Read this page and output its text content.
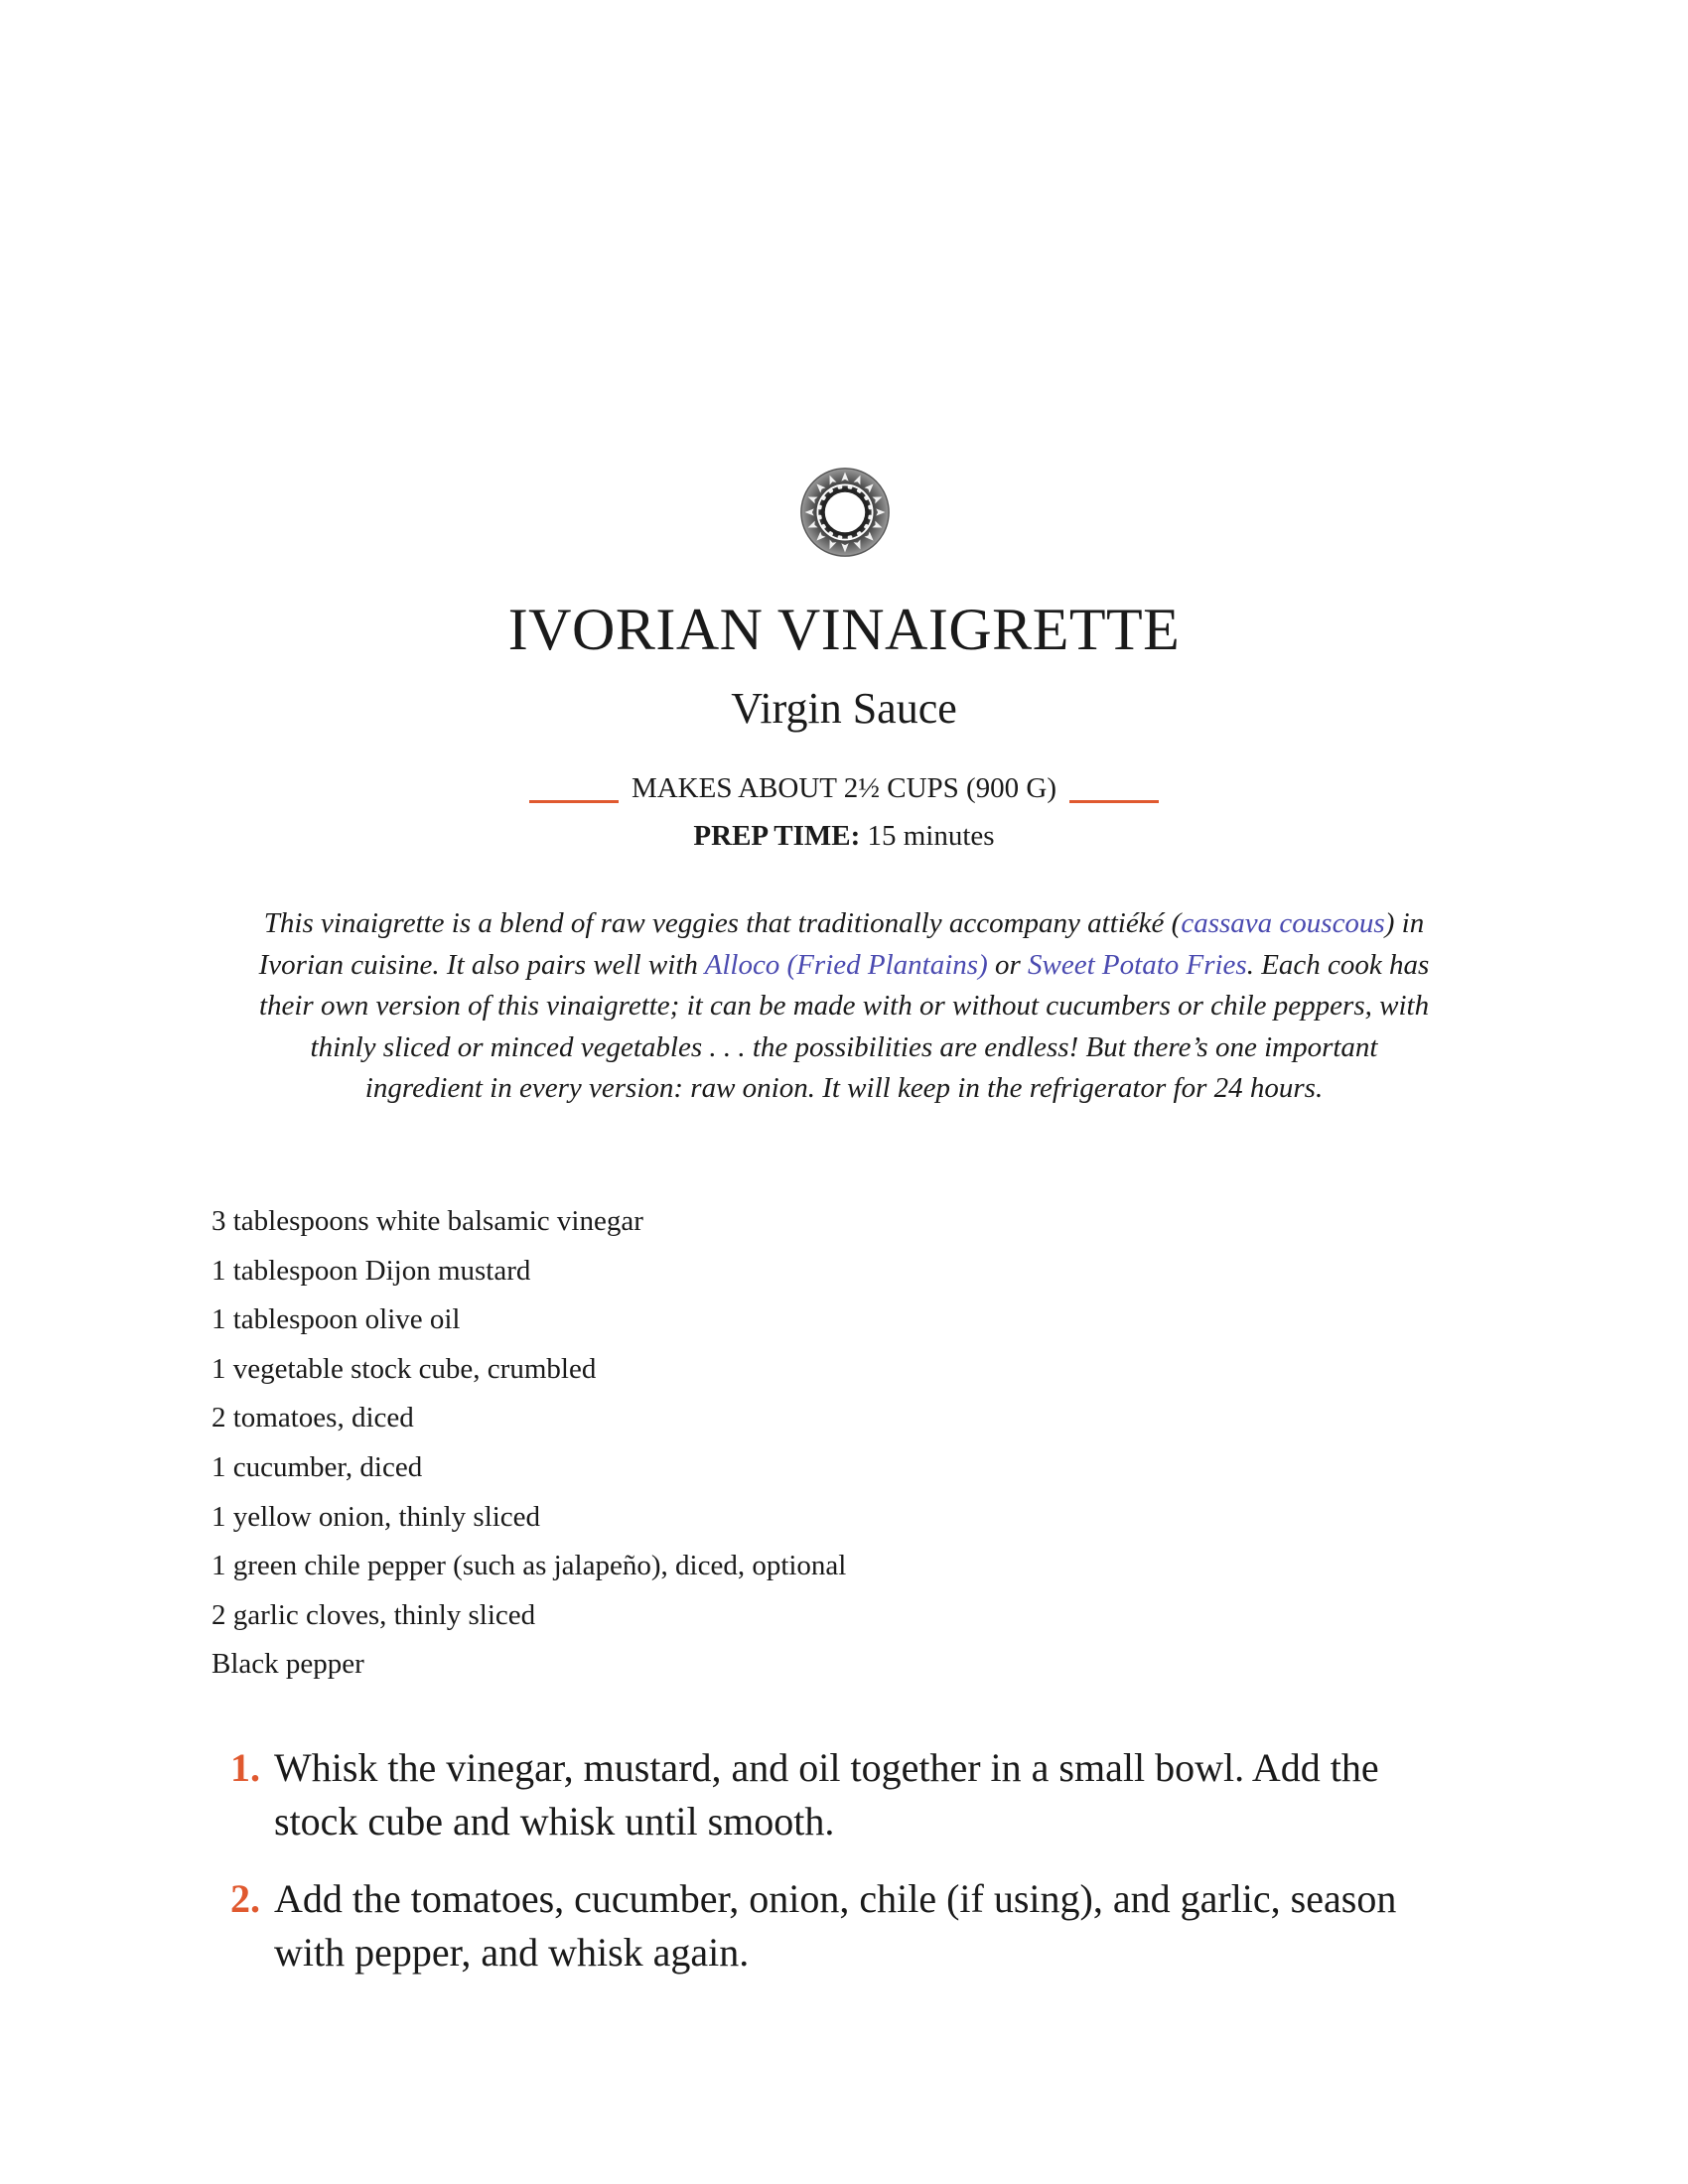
IVORIAN VINAIGRETTE
Virgin Sauce
MAKES ABOUT 2½ CUPS (900 G)
PREP TIME: 15 minutes

This vinaigrette is a blend of raw veggies that traditionally accompany attiéké (cassava couscous) in Ivorian cuisine. It also pairs well with Alloco (Fried Plantains) or Sweet Potato Fries. Each cook has their own version of this vinaigrette; it can be made with or without cucumbers or chile peppers, with thinly sliced or minced vegetables . . . the possibilities are endless! But there’s one important ingredient in every version: raw onion. It will keep in the refrigerator for 24 hours.

3 tablespoons white balsamic vinegar
1 tablespoon Dijon mustard
1 tablespoon olive oil
1 vegetable stock cube, crumbled
2 tomatoes, diced
1 cucumber, diced
1 yellow onion, thinly sliced
1 green chile pepper (such as jalapeño), diced, optional
2 garlic cloves, thinly sliced
Black pepper
1. Whisk the vinegar, mustard, and oil together in a small bowl. Add the stock cube and whisk until smooth.
2. Add the tomatoes, cucumber, onion, chile (if using), and garlic, season with pepper, and whisk again.
